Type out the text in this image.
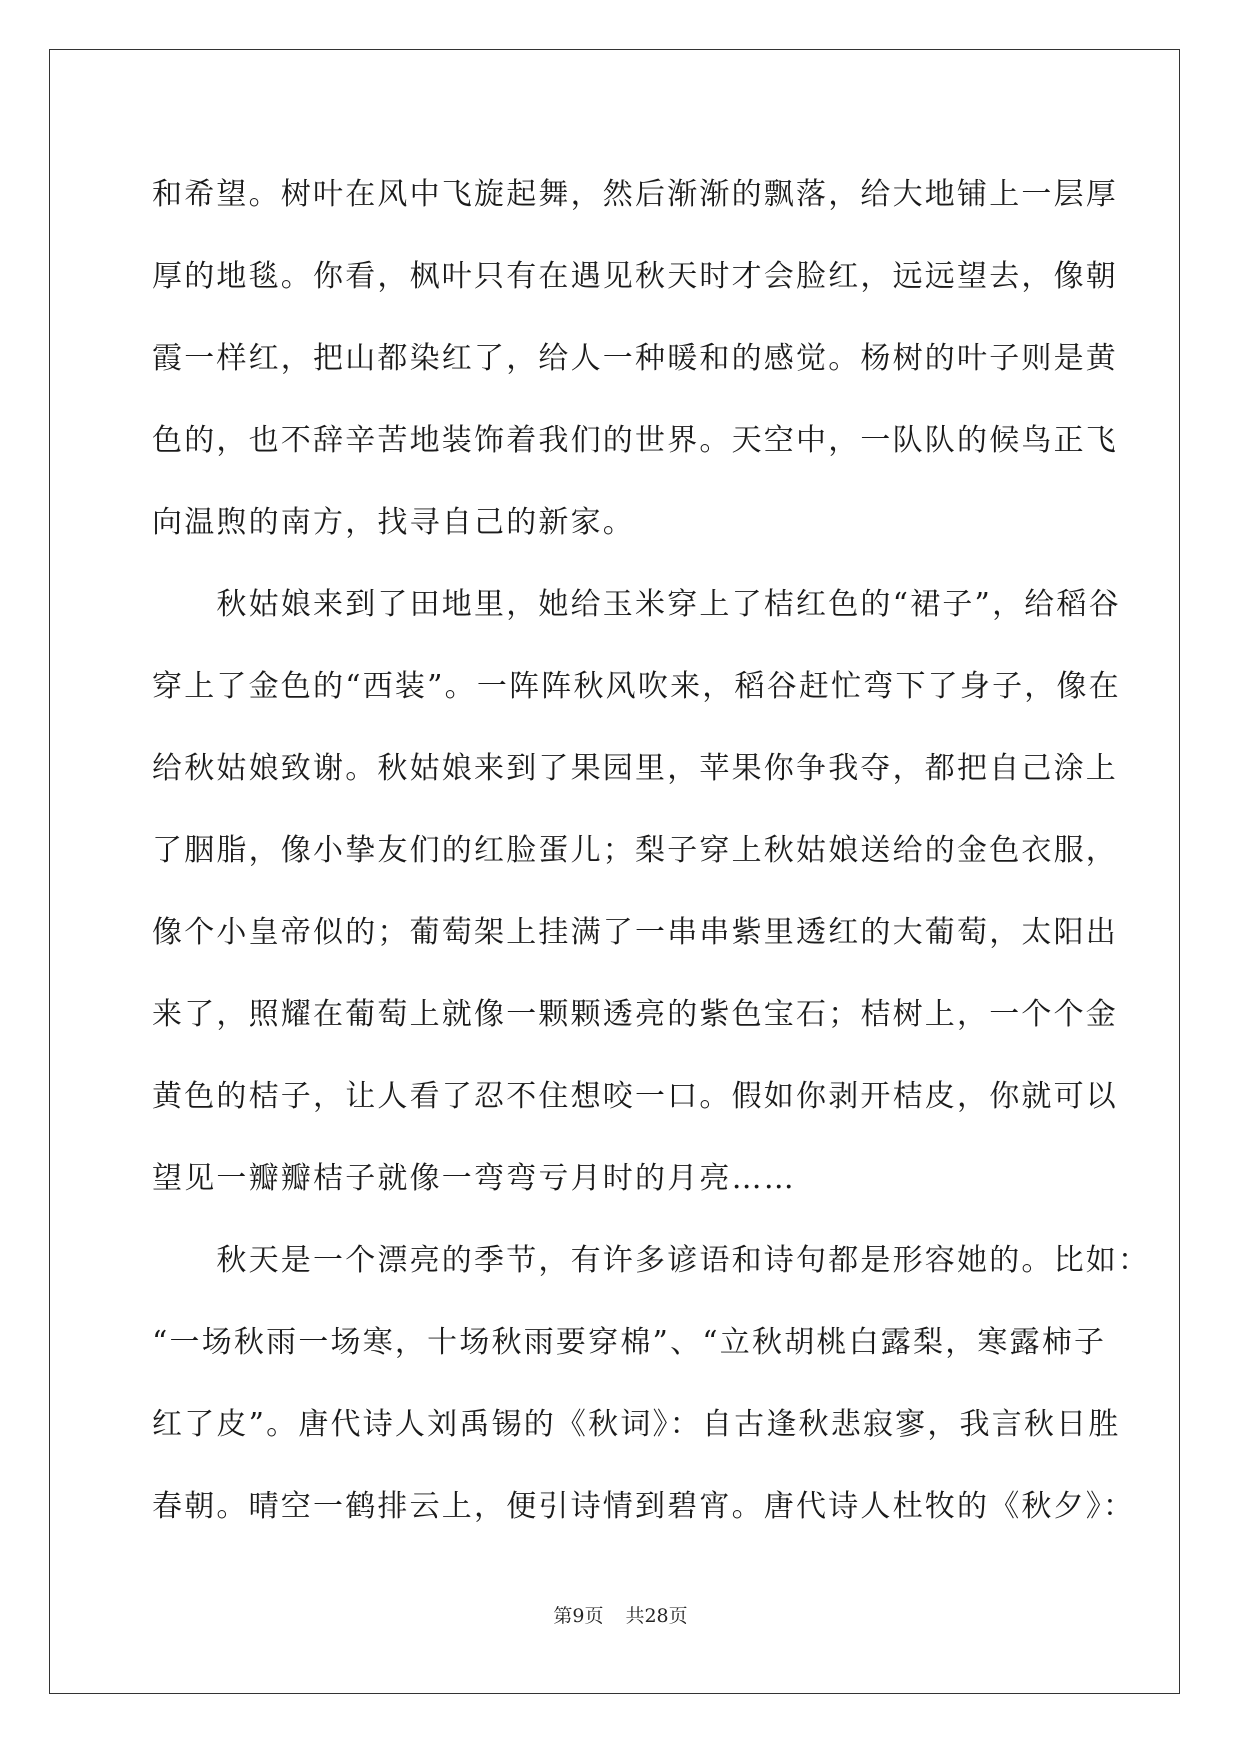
和希望。树叶在风中飞旋起舞，然后渐渐的飘落，给大地铺上一层厚
厚的地毯。你看，枫叶只有在遇见秋天时才会脸红，远远望去，像朝
霞一样红，把山都染红了，给人一种暖和的感觉。杨树的叶子则是黄
色的，也不辞辛苦地装饰着我们的世界。天空中，一队队的候鸟正飞
向温煦的南方，找寻自己的新家。
　　秋姑娘来到了田地里，她给玉米穿上了桔红色的“裙子”，给稻谷
穿上了金色的“西装”。一阵阵秋风吹来，稻谷赶忙弯下了身子，像在
给秋姑娘致谢。秋姑娘来到了果园里，苹果你争我夺，都把自己涂上
了胭脂，像小挚友们的红脸蛋儿；梨子穿上秋姑娘送给的金色衣服，
像个小皇帝似的；葡萄架上挂满了一串串紫里透红的大葡萄，太阳出
来了，照耀在葡萄上就像一颗颗透亮的紫色宝石；桔树上，一个个金
黄色的桔子，让人看了忍不住想咬一口。假如你剥开桔皮，你就可以
望见一瓣瓣桔子就像一弯弯亏月时的月亮……
　　秋天是一个漂亮的季节，有许多谚语和诗句都是形容她的。比如：
“一场秋雨一场寒，十场秋雨要穿棉”、“立秋胡桃白露梨，寒露柿子
红了皮”。唐代诗人刘禹锡的《秋词》：自古逢秋悲寂寥，我言秋日胜
春朝。晴空一鹤排云上，便引诗情到碧宵。唐代诗人杜牧的《秋夕》：
第9页 共28页
